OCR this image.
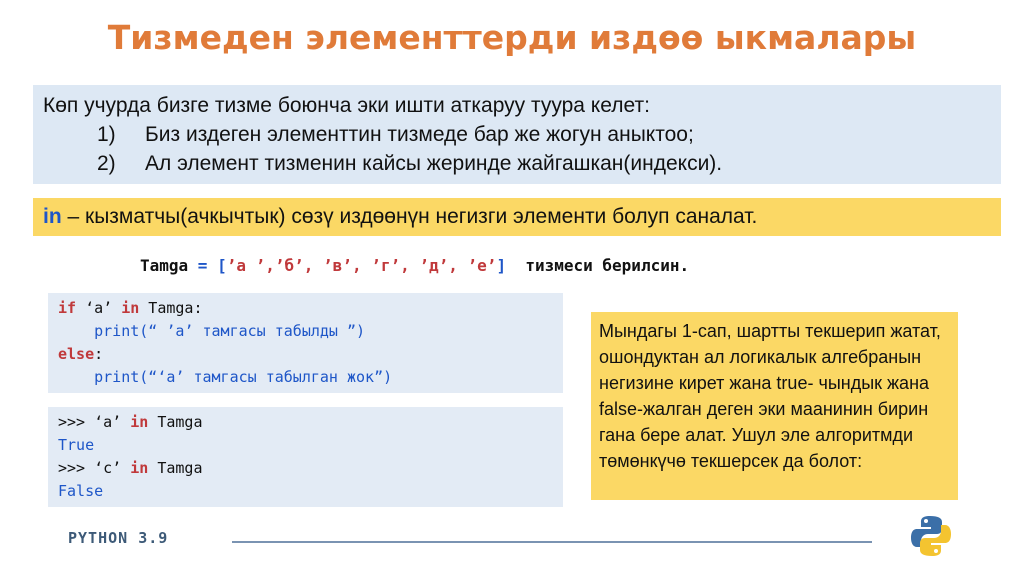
Тизмеден элементтерди издөө ыкмалары
Көп учурда бизге тизме боюнча эки ишти аткаруу туура келет:
1)	Биз издеген элементтин тизмеде бар же жогун аныктоо;
2)	Ал элемент тизменин кайсы жеринде жайгашкан(индекси).
in – кызматчы(ачкычтык) сөзү издөөнүн негизги элементи болуп саналат.
Tamga = [’а ’,’б’, ’в’, ’г’, ’д’, ’е’]  тизмеси берилсин.
if ‘а’ in Tamga:
print(“ ’а’ тамгасы табылды ”)
else:
print(“‘а’ тамгасы табылган жок”)
>>> ‘а’ in Tamga
True
>>> ‘с’ in Tamga
False
Мындагы 1-сап, шартты текшерип жатат, ошондуктан ал логикалык алгебранын негизине кирет жана true- чындык жана false-жалган деген эки маанинин бирин гана бере алат. Ушул эле алгоритмди төмөнкүчө текшерсек да болот:
PYTHON 3.9
